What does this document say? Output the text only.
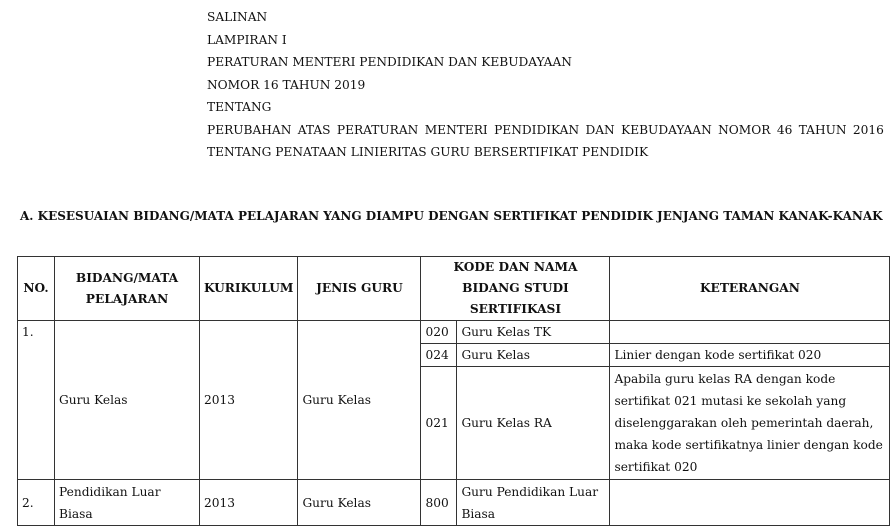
SALINAN
LAMPIRAN I
PERATURAN MENTERI PENDIDIKAN DAN KEBUDAYAAN
NOMOR 16 TAHUN 2019
TENTANG
PERUBAHAN ATAS PERATURAN MENTERI PENDIDIKAN DAN KEBUDAYAAN NOMOR 46 TAHUN 2016
TENTANG PENATAAN LINIERITAS GURU BERSERTIFIKAT PENDIDIK
A. KESESUAIAN BIDANG/MATA PELAJARAN YANG DIAMPU DENGAN SERTIFIKAT PENDIDIK JENJANG TAMAN KANAK-KANAK
NO.	BIDANG/MATA PELAJARAN	KURIKULUM	JENIS GURU	KODE DAN NAMA BIDANG STUDI SERTIFIKASI		KETERANGAN
1.	Guru Kelas	2013	Guru Kelas	020	Guru Kelas TK	
				024	Guru Kelas	Linier dengan kode sertifikat 020
				021	Guru Kelas RA	Apabila guru kelas RA dengan kode sertifikat 021 mutasi ke sekolah yang diselenggarakan oleh pemerintah daerah, maka kode sertifikatnya linier dengan kode sertifikat 020
2.	Pendidikan Luar Biasa	2013	Guru Kelas	800	Guru Pendidikan Luar Biasa	
